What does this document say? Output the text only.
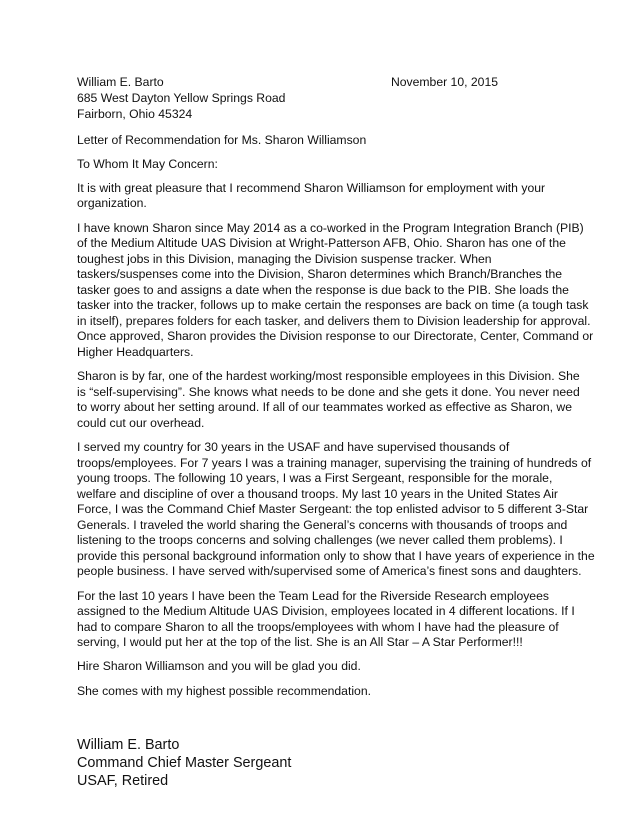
William E. Barto	November 10, 2015

685 West Dayton Yellow Springs Road

Fairborn, Ohio 45324

Letter of Recommendation for Ms. Sharon Williamson

To Whom It May Concern:

It is with great pleasure that I recommend Sharon Williamson for employment with your

organization.

I have known Sharon since May 2014 as a co-worked in the Program Integration Branch (PIB)

of the Medium Altitude UAS Division at Wright-Patterson AFB, Ohio. Sharon has one of the

toughest jobs in this Division, managing the Division suspense tracker. When

taskers/suspenses come into the Division, Sharon determines which Branch/Branches the

tasker goes to and assigns a date when the response is due back to the PIB. She loads the

tasker into the tracker, follows up to make certain the responses are back on time (a tough task

in itself), prepares folders for each tasker, and delivers them to Division leadership for approval.

Once approved, Sharon provides the Division response to our Directorate, Center, Command or

Higher Headquarters.

Sharon is by far, one of the hardest working/most responsible employees in this Division. She

is “self-supervising”. She knows what needs to be done and she gets it done. You never need

to worry about her setting around. If all of our teammates worked as effective as Sharon, we

could cut our overhead.

I served my country for 30 years in the USAF and have supervised thousands of

troops/employees. For 7 years I was a training manager, supervising the training of hundreds of

young troops. The following 10 years, I was a First Sergeant, responsible for the morale,

welfare and discipline of over a thousand troops. My last 10 years in the United States Air

Force, I was the Command Chief Master Sergeant: the top enlisted advisor to 5 different 3-Star

Generals. I traveled the world sharing the General’s concerns with thousands of troops and

listening to the troops concerns and solving challenges (we never called them problems). I

provide this personal background information only to show that I have years of experience in the

people business. I have served with/supervised some of America’s finest sons and daughters.

For the last 10 years I have been the Team Lead for the Riverside Research employees

assigned to the Medium Altitude UAS Division, employees located in 4 different locations. If I

had to compare Sharon to all the troops/employees with whom I have had the pleasure of

serving, I would put her at the top of the list. She is an All Star – A Star Performer!!!

Hire Sharon Williamson and you will be glad you did.

She comes with my highest possible recommendation.

William E. Barto

Command Chief Master Sergeant

USAF, Retired
